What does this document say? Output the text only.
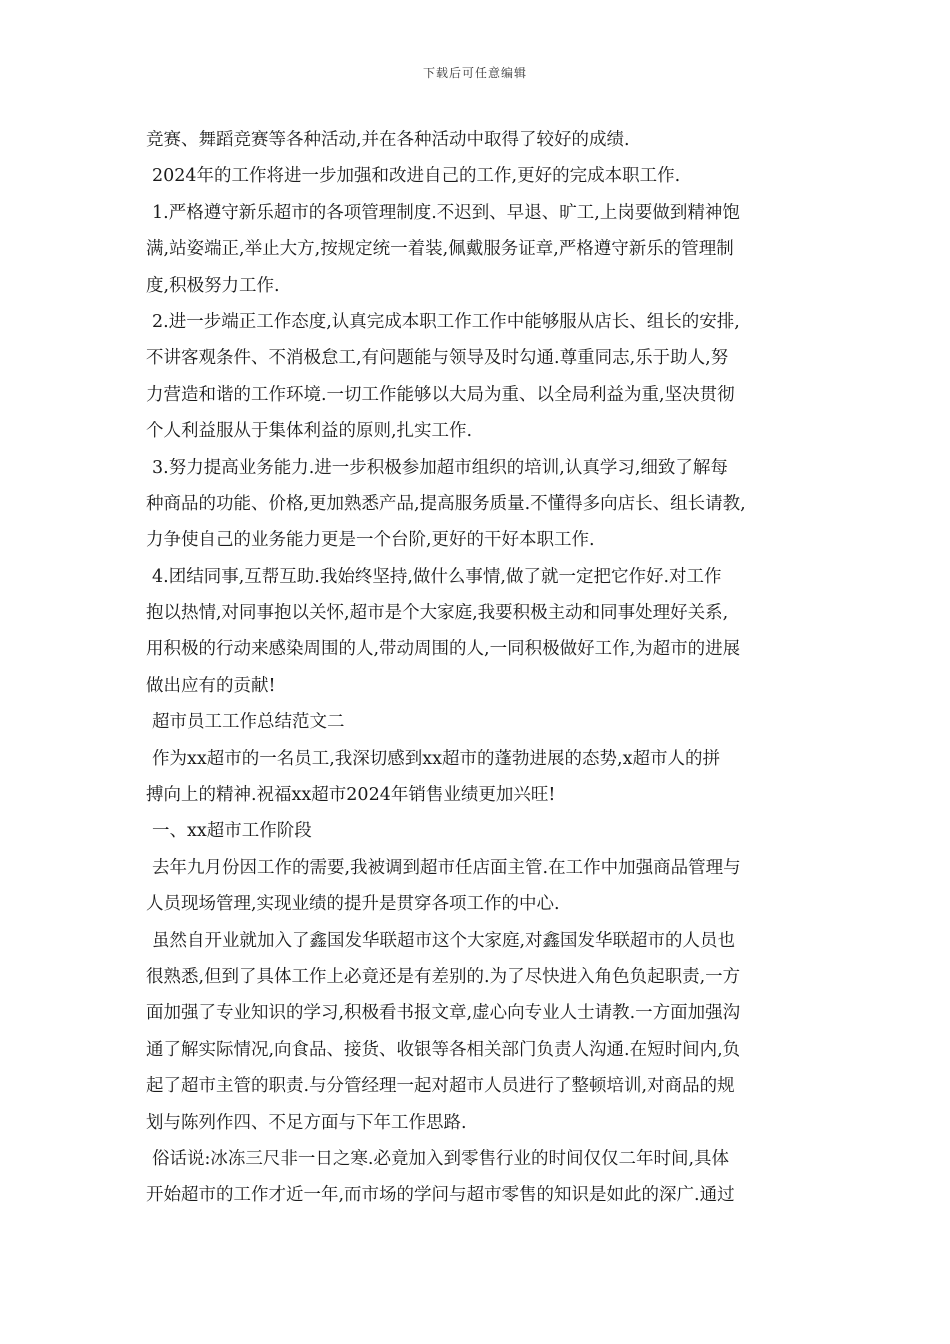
下载后可任意编辑
竞赛、舞蹈竞赛等各种活动,并在各种活动中取得了较好的成绩.
2024年的工作将进一步加强和改进自己的工作,更好的完成本职工作.
1.严格遵守新乐超市的各项管理制度.不迟到、早退、旷工,上岗要做到精神饱
满,站姿端正,举止大方,按规定统一着装,佩戴服务证章,严格遵守新乐的管理制
度,积极努力工作.
2.进一步端正工作态度,认真完成本职工作工作中能够服从店长、组长的安排,
不讲客观条件、不消极怠工,有问题能与领导及时勾通.尊重同志,乐于助人,努
力营造和谐的工作环境.一切工作能够以大局为重、以全局利益为重,坚决贯彻
个人利益服从于集体利益的原则,扎实工作.
3.努力提高业务能力.进一步积极参加超市组织的培训,认真学习,细致了解每
种商品的功能、价格,更加熟悉产品,提高服务质量.不懂得多向店长、组长请教,
力争使自己的业务能力更是一个台阶,更好的干好本职工作.
4.团结同事,互帮互助.我始终坚持,做什么事情,做了就一定把它作好.对工作
抱以热情,对同事抱以关怀,超市是个大家庭,我要积极主动和同事处理好关系,
用积极的行动来感染周围的人,带动周围的人,一同积极做好工作,为超市的进展
做出应有的贡献!
超市员工工作总结范文二
作为xx超市的一名员工,我深切感到xx超市的蓬勃进展的态势,x超市人的拼
搏向上的精神.祝福xx超市2024年销售业绩更加兴旺!
一、xx超市工作阶段
去年九月份因工作的需要,我被调到超市任店面主管.在工作中加强商品管理与
人员现场管理,实现业绩的提升是贯穿各项工作的中心.
虽然自开业就加入了鑫国发华联超市这个大家庭,对鑫国发华联超市的人员也
很熟悉,但到了具体工作上必竟还是有差别的.为了尽快进入角色负起职责,一方
面加强了专业知识的学习,积极看书报文章,虚心向专业人士请教.一方面加强沟
通了解实际情况,向食品、接货、收银等各相关部门负责人沟通.在短时间内,负
起了超市主管的职责.与分管经理一起对超市人员进行了整顿培训,对商品的规
划与陈列作四、不足方面与下年工作思路.
俗话说:冰冻三尺非一日之寒.必竟加入到零售行业的时间仅仅二年时间,具体
开始超市的工作才近一年,而市场的学问与超市零售的知识是如此的深广.通过
